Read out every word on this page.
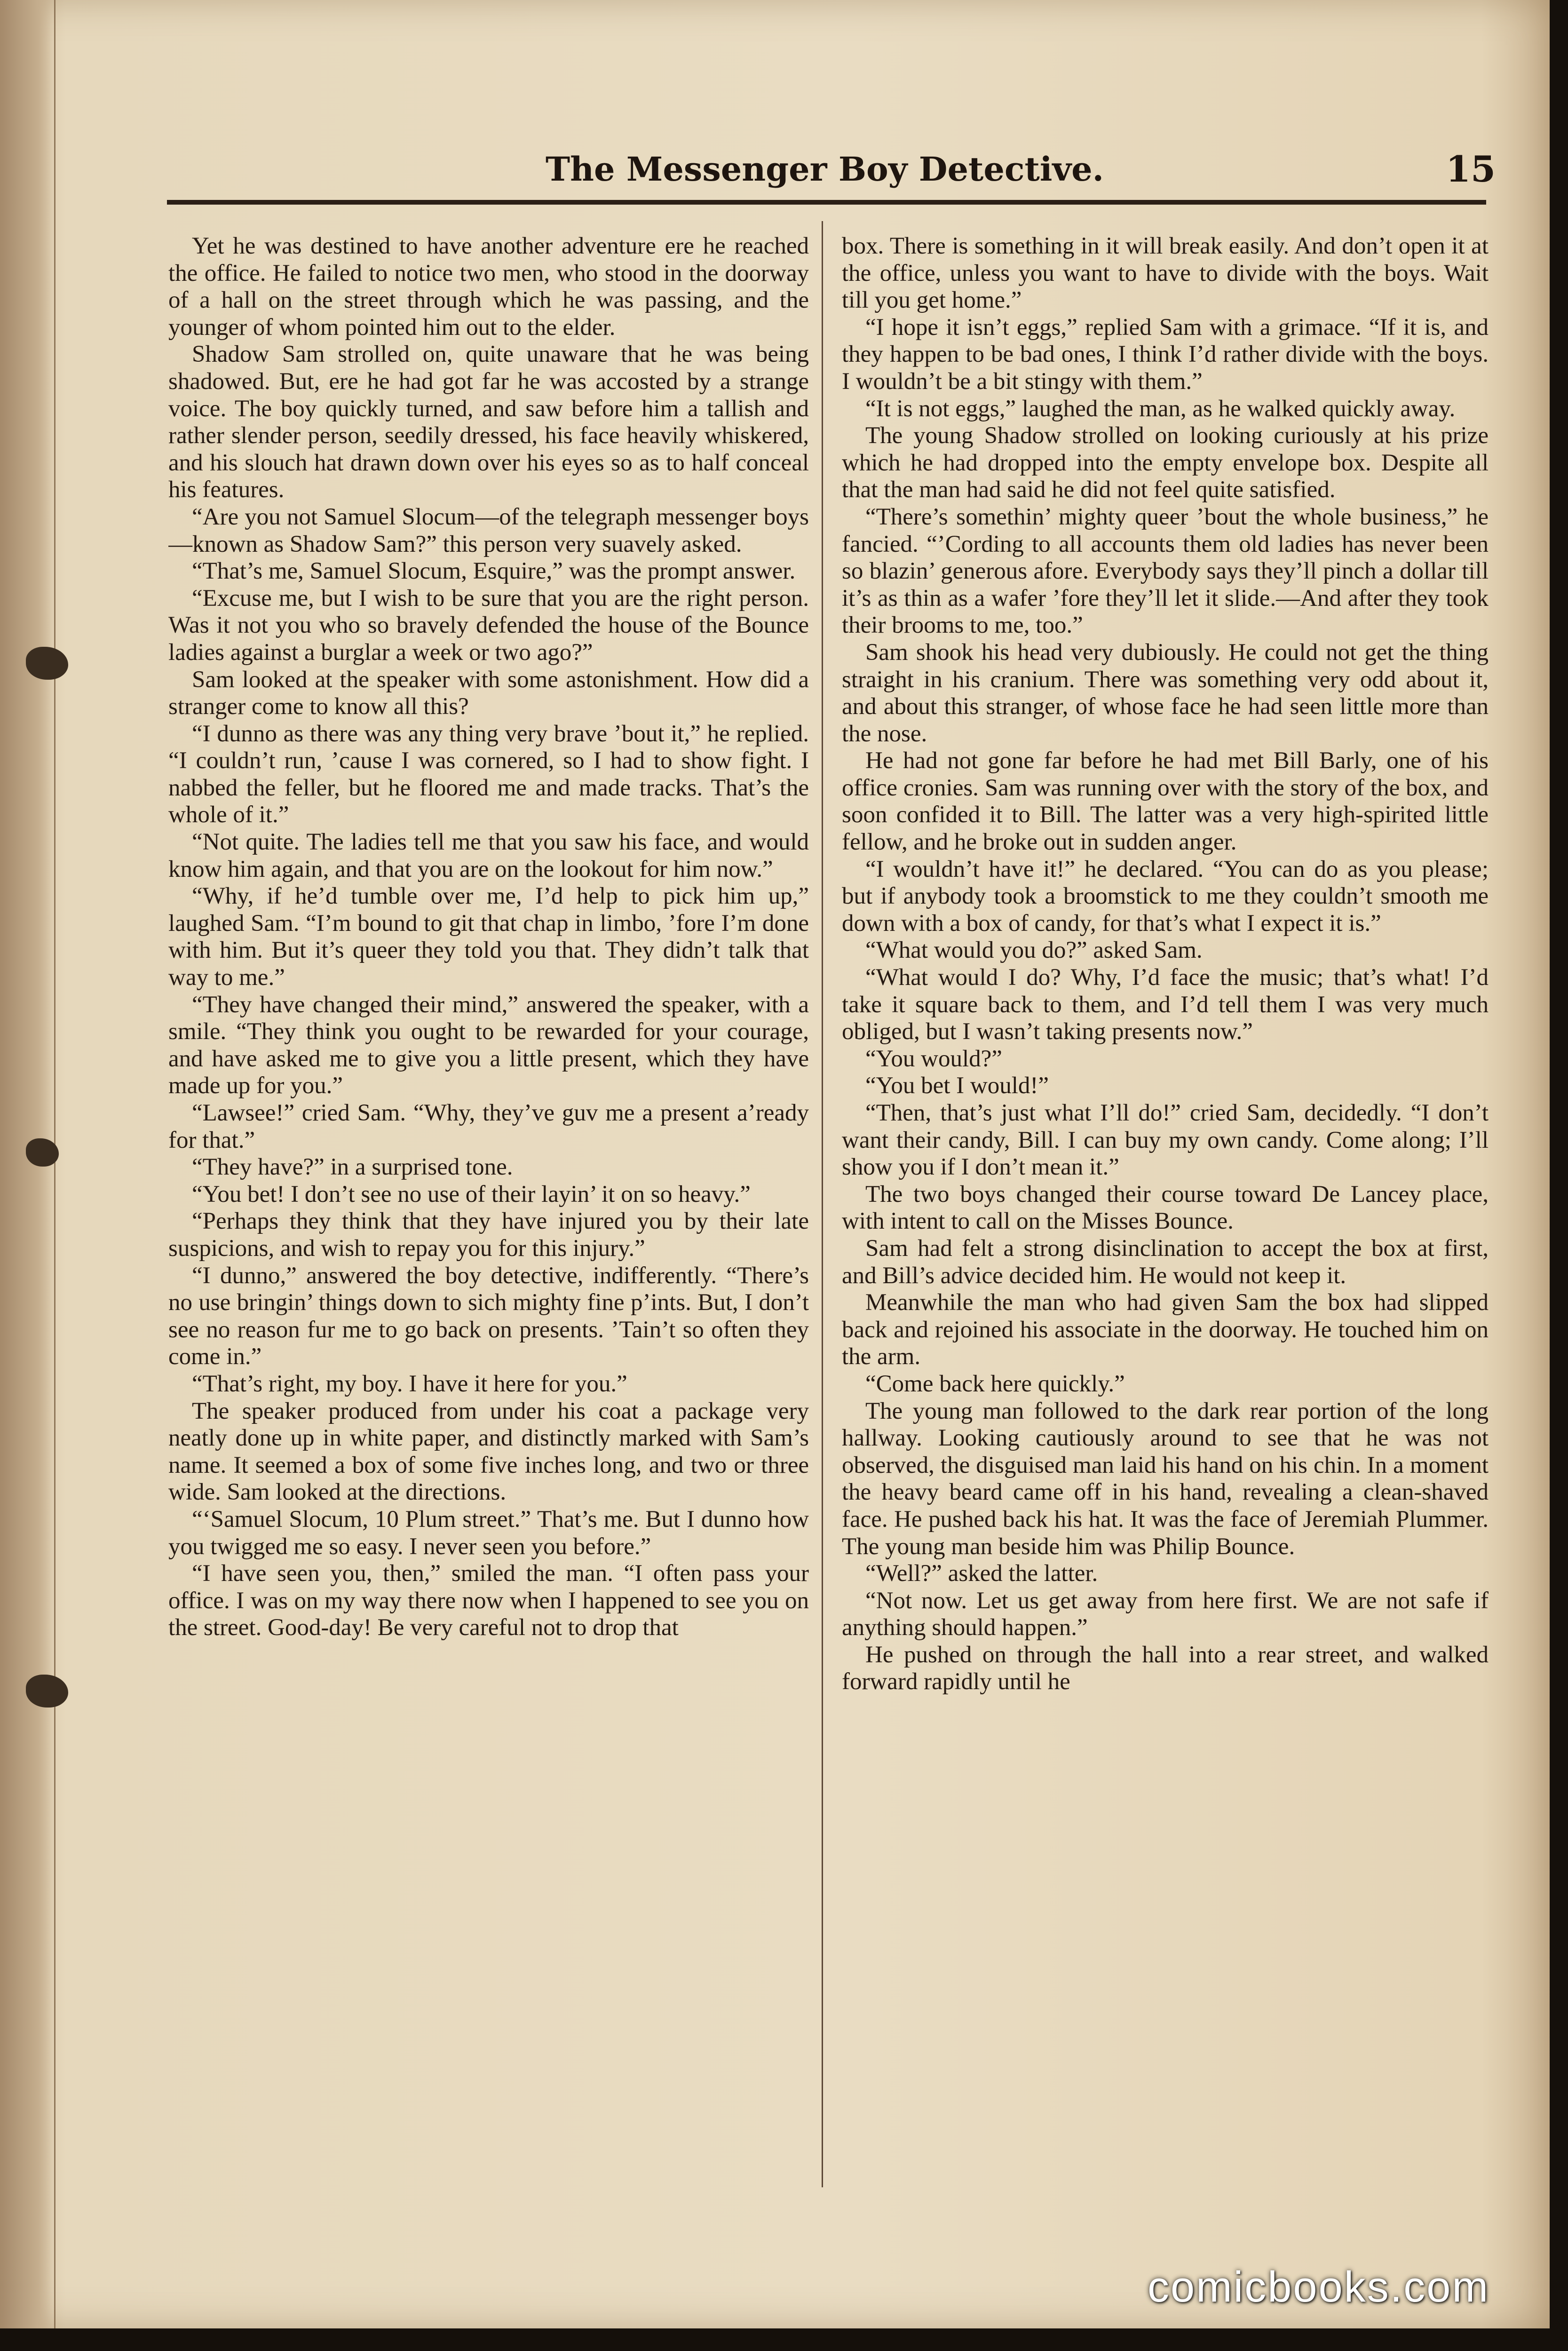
The Messenger Boy Detective.	15

Yet he was destined to have another adventure ere he reached the office. He failed to notice two men, who stood in the doorway of a hall on the street through which he was passing, and the younger of whom pointed him out to the elder.

Shadow Sam strolled on, quite unaware that he was being shadowed. But, ere he had got far he was accosted by a strange voice. The boy quickly turned, and saw before him a tallish and rather slender person, seedily dressed, his face heavily whiskered, and his slouch hat drawn down over his eyes so as to half conceal his features.

“Are you not Samuel Slocum—of the telegraph messenger boys—known as Shadow Sam?” this person very suavely asked.

“That’s me, Samuel Slocum, Esquire,” was the prompt answer.

“Excuse me, but I wish to be sure that you are the right person. Was it not you who so bravely defended the house of the Bounce ladies against a burglar a week or two ago?”

Sam looked at the speaker with some astonishment. How did a stranger come to know all this?

“I dunno as there was any thing very brave ’bout it,” he replied. “I couldn’t run, ’cause I was cornered, so I had to show fight. I nabbed the feller, but he floored me and made tracks. That’s the whole of it.”

“Not quite. The ladies tell me that you saw his face, and would know him again, and that you are on the lookout for him now.”

“Why, if he’d tumble over me, I’d help to pick him up,” laughed Sam. “I’m bound to git that chap in limbo, ’fore I’m done with him. But it’s queer they told you that. They didn’t talk that way to me.”

“They have changed their mind,” answered the speaker, with a smile. “They think you ought to be rewarded for your courage, and have asked me to give you a little present, which they have made up for you.”

“Lawsee!” cried Sam. “Why, they’ve guv me a present a’ready for that.”

“They have?” in a surprised tone.

“You bet! I don’t see no use of their layin’ it on so heavy.”

“Perhaps they think that they have injured you by their late suspicions, and wish to repay you for this injury.”

“I dunno,” answered the boy detective, indifferently. “There’s no use bringin’ things down to sich mighty fine p’ints. But, I don’t see no reason fur me to go back on presents. ’Tain’t so often they come in.”

“That’s right, my boy. I have it here for you.”

The speaker produced from under his coat a package very neatly done up in white paper, and distinctly marked with Sam’s name. It seemed a box of some five inches long, and two or three wide. Sam looked at the directions.

“‘Samuel Slocum, 10 Plum street.” That’s me. But I dunno how you twigged me so easy. I never seen you before.”

“I have seen you, then,” smiled the man. “I often pass your office. I was on my way there now when I happened to see you on the street. Good-day! Be very careful not to drop that

box. There is something in it will break easily. And don’t open it at the office, unless you want to have to divide with the boys. Wait till you get home.”

“I hope it isn’t eggs,” replied Sam with a grimace. “If it is, and they happen to be bad ones, I think I’d rather divide with the boys. I wouldn’t be a bit stingy with them.”

“It is not eggs,” laughed the man, as he walked quickly away.

The young Shadow strolled on looking curiously at his prize which he had dropped into the empty envelope box. Despite all that the man had said he did not feel quite satisfied.

“There’s somethin’ mighty queer ’bout the whole business,” he fancied. “’Cording to all accounts them old ladies has never been so blazin’ generous afore. Everybody says they’ll pinch a dollar till it’s as thin as a wafer ’fore they’ll let it slide.—And after they took their brooms to me, too.”

Sam shook his head very dubiously. He could not get the thing straight in his cranium. There was something very odd about it, and about this stranger, of whose face he had seen little more than the nose.

He had not gone far before he had met Bill Barly, one of his office cronies. Sam was running over with the story of the box, and soon confided it to Bill. The latter was a very high-spirited little fellow, and he broke out in sudden anger.

“I wouldn’t have it!” he declared. “You can do as you please; but if anybody took a broomstick to me they couldn’t smooth me down with a box of candy, for that’s what I expect it is.”

“What would you do?” asked Sam.

“What would I do? Why, I’d face the music; that’s what! I’d take it square back to them, and I’d tell them I was very much obliged, but I wasn’t taking presents now.”

“You would?”

“You bet I would!”

“Then, that’s just what I’ll do!” cried Sam, decidedly. “I don’t want their candy, Bill. I can buy my own candy. Come along; I’ll show you if I don’t mean it.”

The two boys changed their course toward De Lancey place, with intent to call on the Misses Bounce.

Sam had felt a strong disinclination to accept the box at first, and Bill’s advice decided him. He would not keep it.

Meanwhile the man who had given Sam the box had slipped back and rejoined his associate in the doorway. He touched him on the arm.

“Come back here quickly.”

The young man followed to the dark rear portion of the long hallway. Looking cautiously around to see that he was not observed, the disguised man laid his hand on his chin. In a moment the heavy beard came off in his hand, revealing a clean-shaved face. He pushed back his hat. It was the face of Jeremiah Plummer. The young man beside him was Philip Bounce.

“Well?” asked the latter.

“Not now. Let us get away from here first. We are not safe if anything should happen.”

He pushed on through the hall into a rear street, and walked forward rapidly until he

comicbooks.com
